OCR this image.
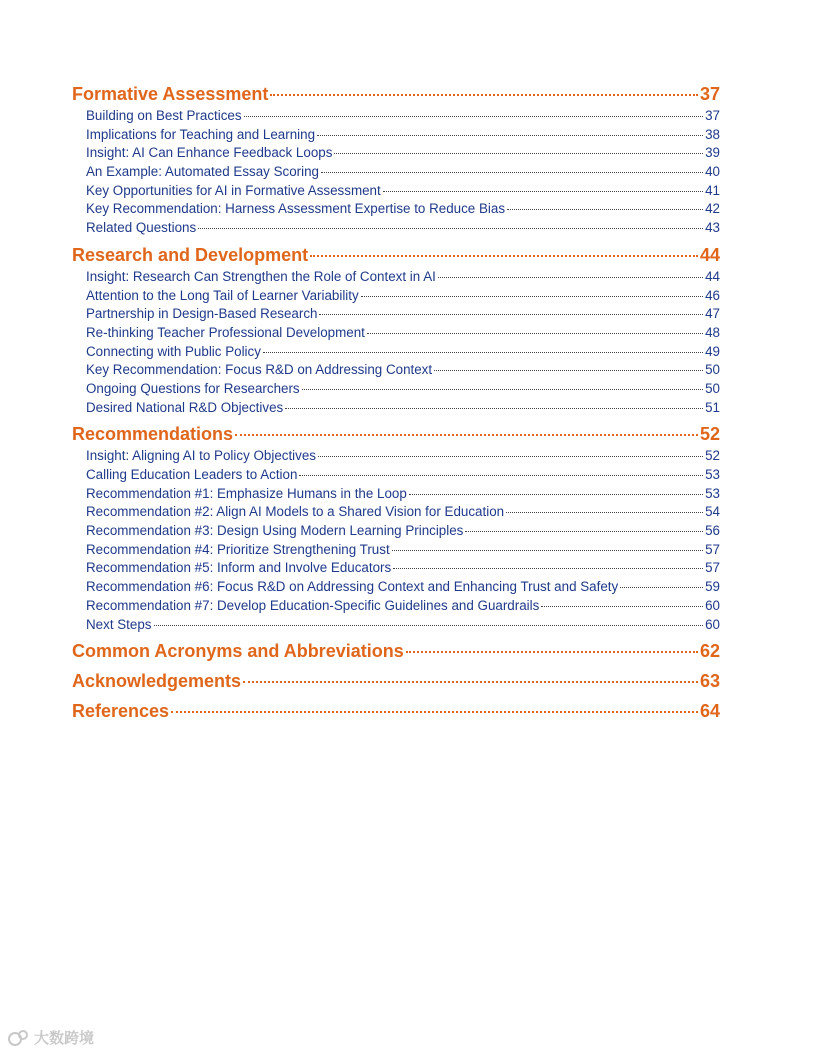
Formative Assessment	37
Building on Best Practices	37
Implications for Teaching and Learning	38
Insight: AI Can Enhance Feedback Loops	39
An Example: Automated Essay Scoring	40
Key Opportunities for AI in Formative Assessment	41
Key Recommendation: Harness Assessment Expertise to Reduce Bias	42
Related Questions	43
Research and Development	44
Insight: Research Can Strengthen the Role of Context in AI	44
Attention to the Long Tail of Learner Variability	46
Partnership in Design-Based Research	47
Re-thinking Teacher Professional Development	48
Connecting with Public Policy	49
Key Recommendation: Focus R&D on Addressing Context	50
Ongoing Questions for Researchers	50
Desired National R&D Objectives	51
Recommendations	52
Insight: Aligning AI to Policy Objectives	52
Calling Education Leaders to Action	53
Recommendation #1: Emphasize Humans in the Loop	53
Recommendation #2: Align AI Models to a Shared Vision for Education	54
Recommendation #3: Design Using Modern Learning Principles	56
Recommendation #4: Prioritize Strengthening Trust	57
Recommendation #5: Inform and Involve Educators	57
Recommendation #6: Focus R&D on Addressing Context and Enhancing Trust and Safety	59
Recommendation #7: Develop Education-Specific Guidelines and Guardrails	60
Next Steps	60
Common Acronyms and Abbreviations	62
Acknowledgements	63
References	64
大数跨境
